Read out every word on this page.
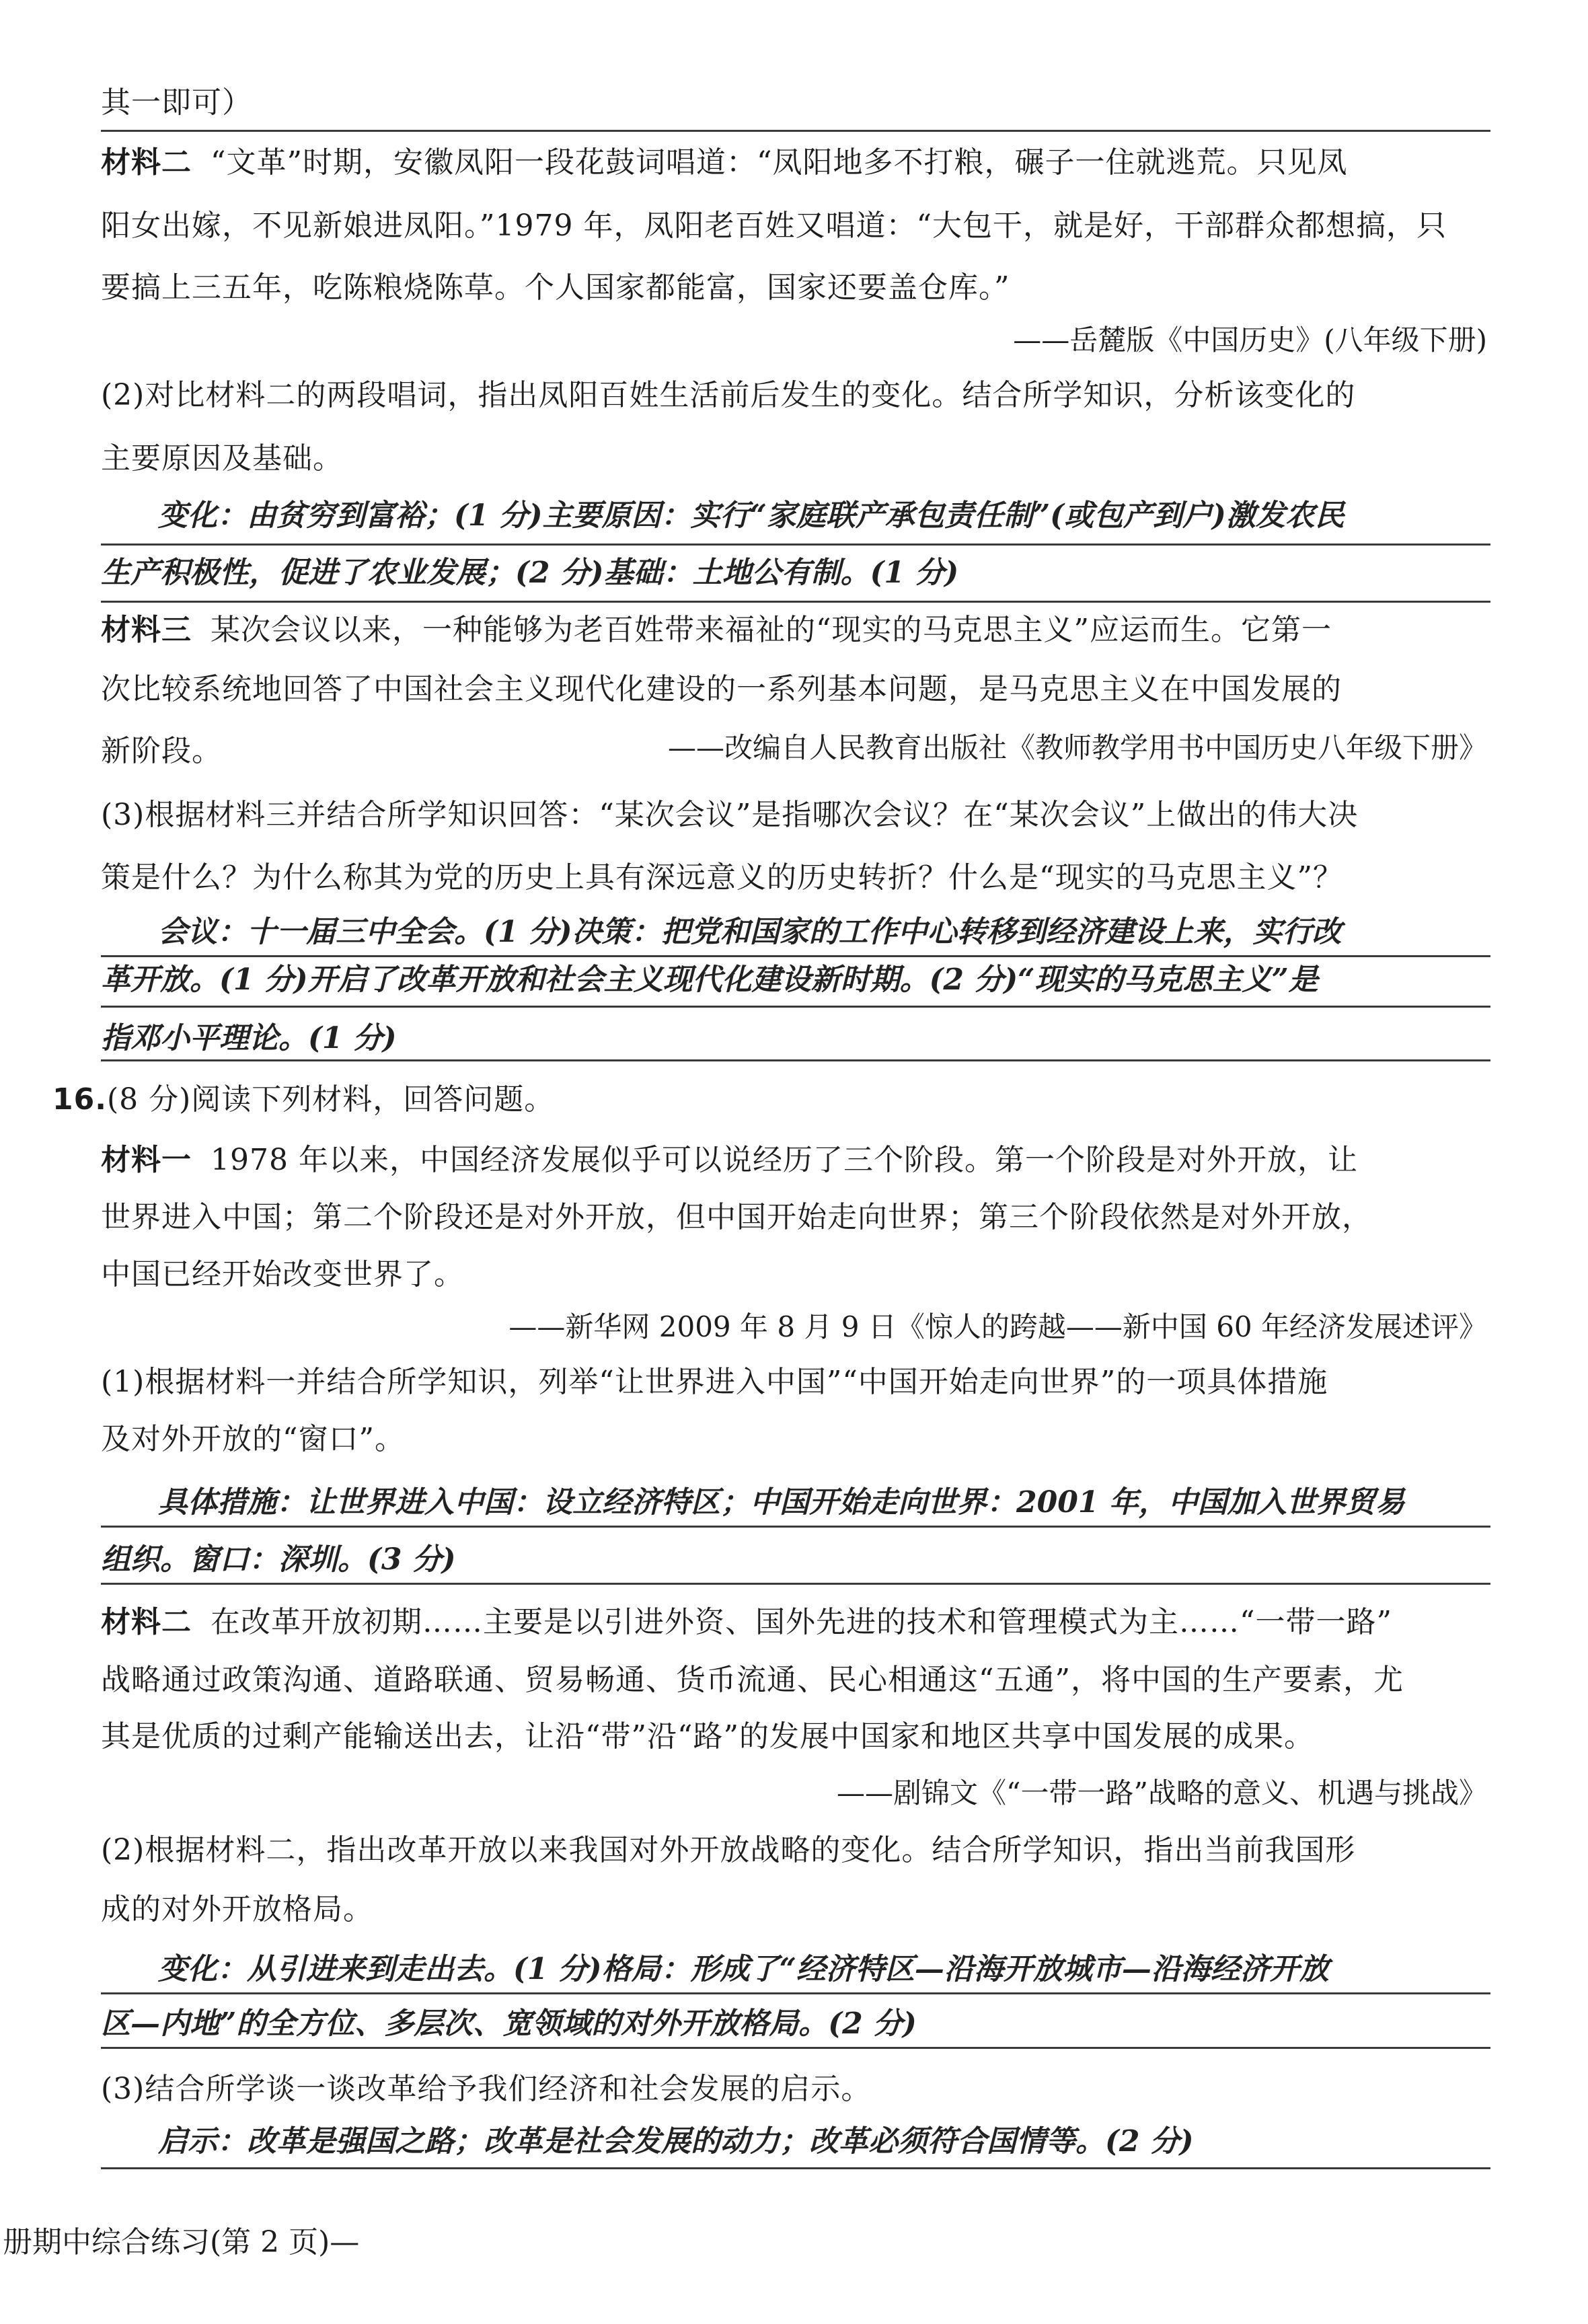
其一即可）
材料二 “文革”时期，安徽凤阳一段花鼓词唱道：“凤阳地多不打粮，碾子一住就逃荒。只见凤
阳女出嫁，不见新娘进凤阳。”1979 年，凤阳老百姓又唱道：“大包干，就是好，干部群众都想搞，只
要搞上三五年，吃陈粮烧陈草。个人国家都能富，国家还要盖仓库。”
——岳麓版《中国历史》(八年级下册)
(2)对比材料二的两段唱词，指出凤阳百姓生活前后发生的变化。结合所学知识，分析该变化的
主要原因及基础。
变化：由贫穷到富裕；(1 分)主要原因：实行“家庭联产承包责任制”(或包产到户)激发农民
生产积极性，促进了农业发展；(2 分)基础：土地公有制。(1 分)
材料三 某次会议以来，一种能够为老百姓带来福祉的“现实的马克思主义”应运而生。它第一
次比较系统地回答了中国社会主义现代化建设的一系列基本问题，是马克思主义在中国发展的
新阶段。	——改编自人民教育出版社《教师教学用书中国历史八年级下册》
(3)根据材料三并结合所学知识回答：“某次会议”是指哪次会议？在“某次会议”上做出的伟大决
策是什么？为什么称其为党的历史上具有深远意义的历史转折？什么是“现实的马克思主义”？
会议：十一届三中全会。(1 分)决策：把党和国家的工作中心转移到经济建设上来，实行改
革开放。(1 分)开启了改革开放和社会主义现代化建设新时期。(2 分)“现实的马克思主义”是
指邓小平理论。(1 分)
16.(8 分)阅读下列材料，回答问题。
材料一 1978 年以来，中国经济发展似乎可以说经历了三个阶段。第一个阶段是对外开放，让
世界进入中国；第二个阶段还是对外开放，但中国开始走向世界；第三个阶段依然是对外开放，
中国已经开始改变世界了。
——新华网 2009 年 8 月 9 日《惊人的跨越——新中国 60 年经济发展述评》
(1)根据材料一并结合所学知识，列举“让世界进入中国”“中国开始走向世界”的一项具体措施
及对外开放的“窗口”。
具体措施：让世界进入中国：设立经济特区；中国开始走向世界：2001 年，中国加入世界贸易
组织。窗口：深圳。(3 分)
材料二 在改革开放初期……主要是以引进外资、国外先进的技术和管理模式为主……“一带一路”
战略通过政策沟通、道路联通、贸易畅通、货币流通、民心相通这“五通”，将中国的生产要素，尤
其是优质的过剩产能输送出去，让沿“带”沿“路”的发展中国家和地区共享中国发展的成果。
——剧锦文《“一带一路”战略的意义、机遇与挑战》
(2)根据材料二，指出改革开放以来我国对外开放战略的变化。结合所学知识，指出当前我国形
成的对外开放格局。
变化：从引进来到走出去。(1 分)格局：形成了“经济特区—沿海开放城市—沿海经济开放
区—内地”的全方位、多层次、宽领域的对外开放格局。(2 分)
(3)结合所学谈一谈改革给予我们经济和社会发展的启示。
启示：改革是强国之路；改革是社会发展的动力；改革必须符合国情等。(2 分)
册期中综合练习(第 2 页)—
